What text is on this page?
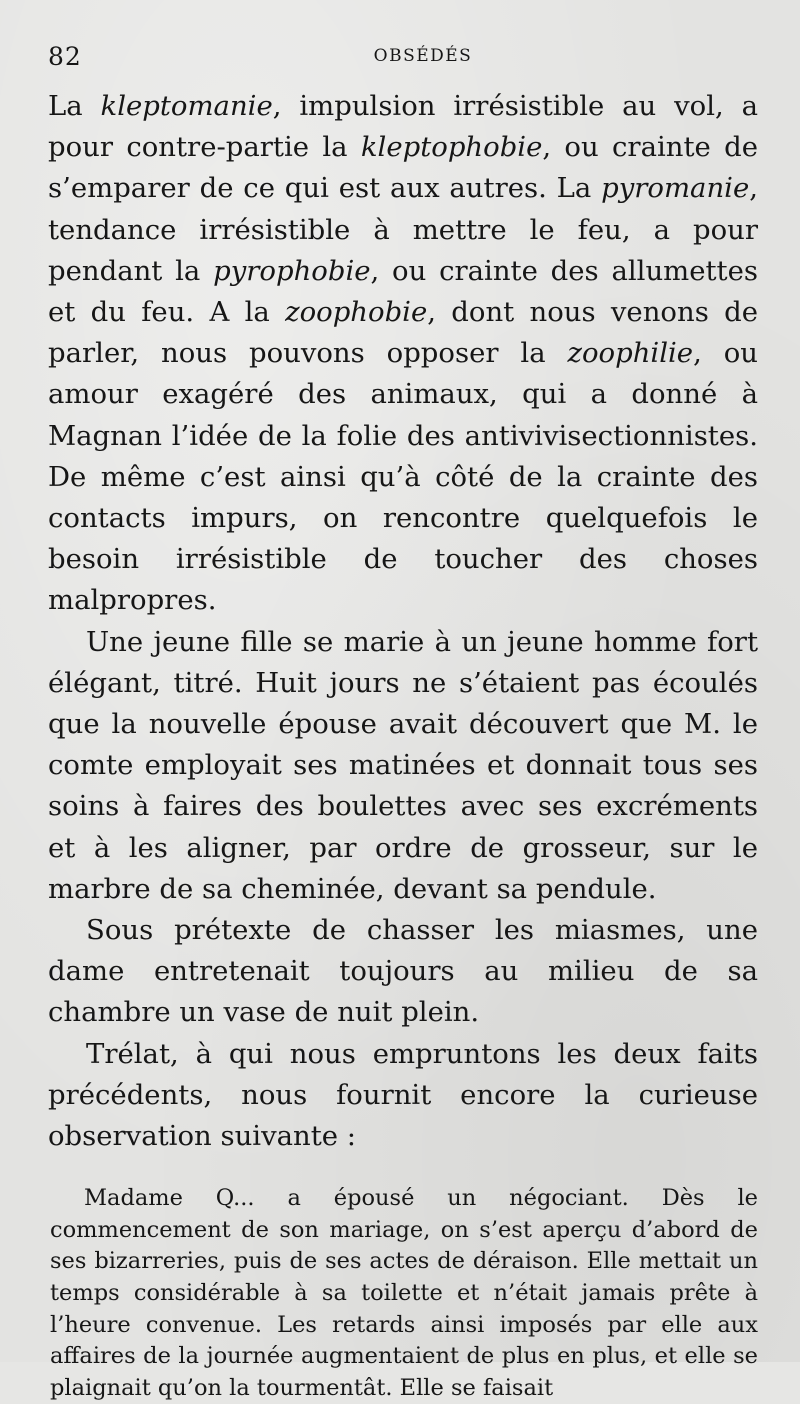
82	OBSÉDÉS

La kleptomanie, impulsion irrésistible au vol, a pour contre-partie la kleptophobie, ou crainte de s’emparer de ce qui est aux autres. La pyromanie, tendance irrésistible à mettre le feu, a pour pendant la pyrophobie, ou crainte des allumettes et du feu. A la zoophobie, dont nous venons de parler, nous pouvons opposer la zoophilie, ou amour exagéré des animaux, qui a donné à Magnan l’idée de la folie des antivivisectionnistes. De même c’est ainsi qu’à côté de la crainte des contacts impurs, on rencontre quelquefois le besoin irrésistible de toucher des choses malpropres.

Une jeune fille se marie à un jeune homme fort élégant, titré. Huit jours ne s’étaient pas écoulés que la nouvelle épouse avait découvert que M. le comte employait ses matinées et donnait tous ses soins à faires des boulettes avec ses excréments et à les aligner, par ordre de grosseur, sur le marbre de sa cheminée, devant sa pendule.

Sous prétexte de chasser les miasmes, une dame entretenait toujours au milieu de sa chambre un vase de nuit plein.

Trélat, à qui nous empruntons les deux faits précédents, nous fournit encore la curieuse observation suivante :

Madame Q... a épousé un négociant. Dès le commencement de son mariage, on s’est aperçu d’abord de ses bizarreries, puis de ses actes de déraison. Elle mettait un temps considérable à sa toilette et n’était jamais prête à l’heure convenue. Les retards ainsi imposés par elle aux affaires de la journée augmentaient de plus en plus, et elle se plaignait qu’on la tourmentât. Elle se faisait
